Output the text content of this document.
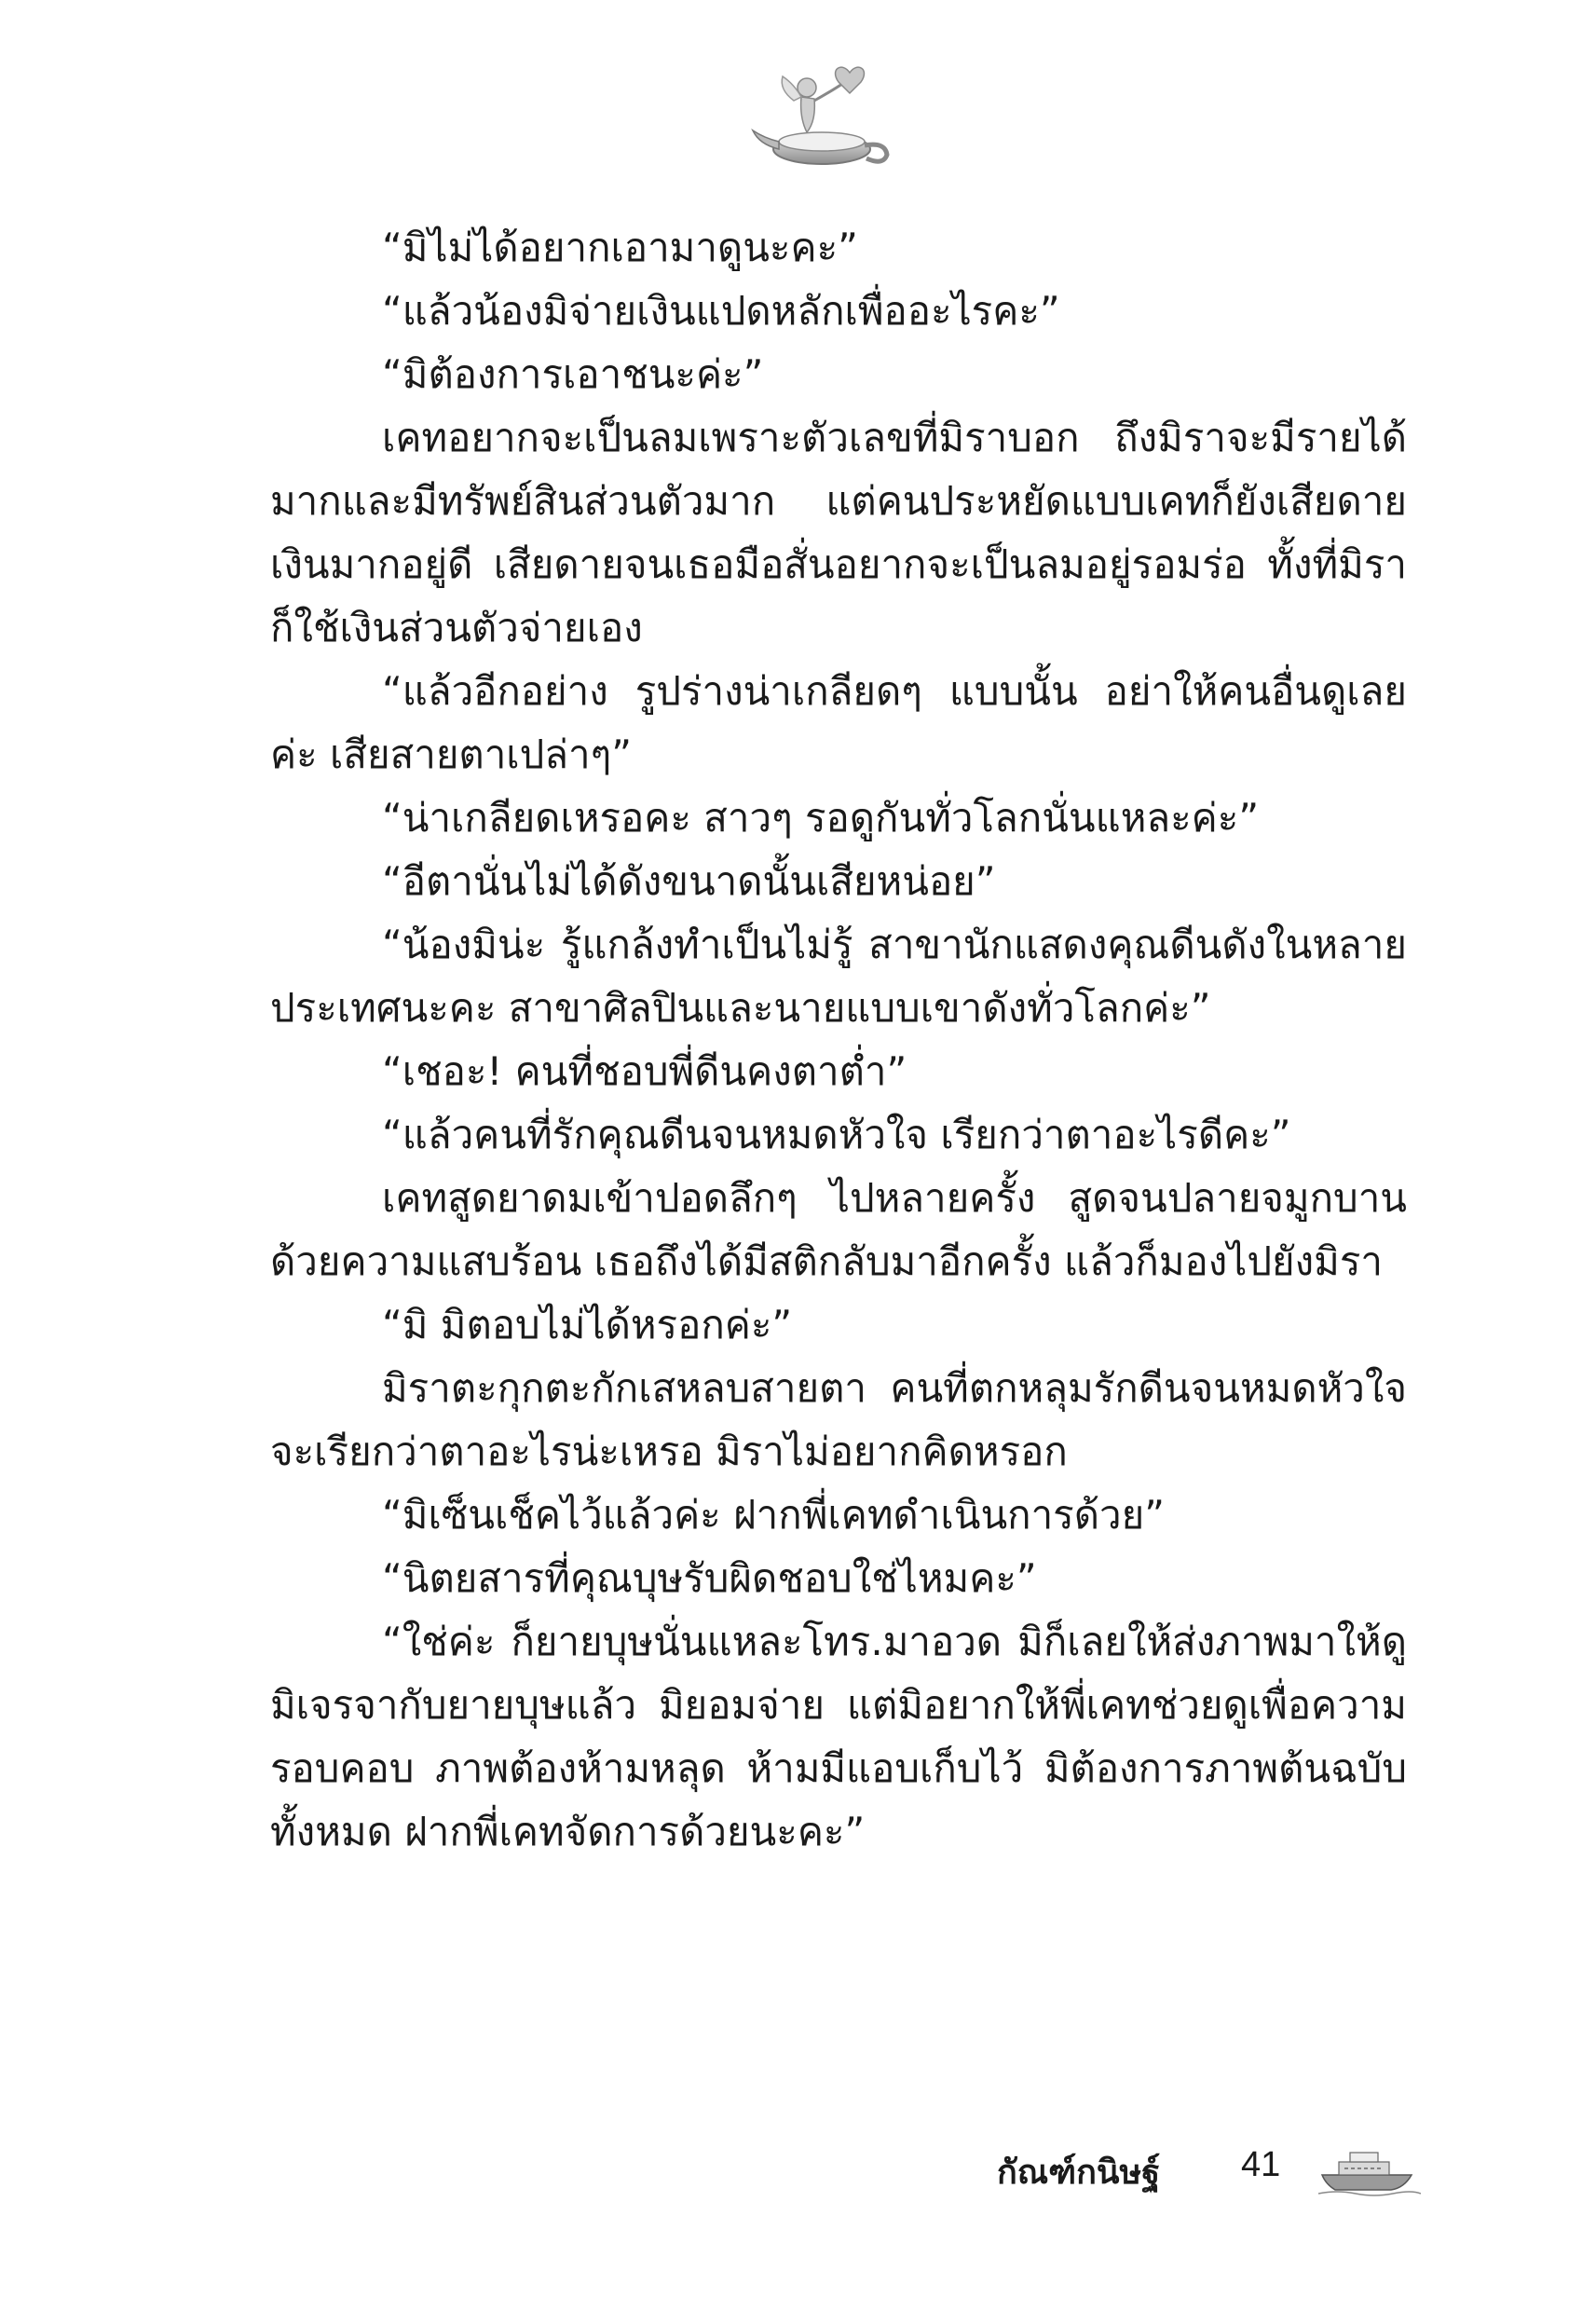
“มิไม่ได้อยากเอามาดูนะคะ”

“แล้วน้องมิจ่ายเงินแปดหลักเพื่ออะไรคะ”

“มิต้องการเอาชนะค่ะ”

เคทอยากจะเป็นลมเพราะตัวเลขที่มิราบอก ถึงมิราจะมีรายได้มากและมีทรัพย์สินส่วนตัวมาก แต่คนประหยัดแบบเคทก็ยังเสียดายเงินมากอยู่ดี เสียดายจนเธอมือสั่นอยากจะเป็นลมอยู่รอมร่อ ทั้งที่มิราก็ใช้เงินส่วนตัวจ่ายเอง

“แล้วอีกอย่าง รูปร่างน่าเกลียดๆ แบบนั้น อย่าให้คนอื่นดูเลยค่ะ เสียสายตาเปล่าๆ”

“น่าเกลียดเหรอคะ สาวๆ รอดูกันทั่วโลกนั่นแหละค่ะ”

“อีตานั่นไม่ได้ดังขนาดนั้นเสียหน่อย”

“น้องมิน่ะ รู้แกล้งทำเป็นไม่รู้ สาขานักแสดงคุณดีนดังในหลายประเทศนะคะ สาขาศิลปินและนายแบบเขาดังทั่วโลกค่ะ”

“เชอะ! คนที่ชอบพี่ดีนคงตาต่ำ”

“แล้วคนที่รักคุณดีนจนหมดหัวใจ เรียกว่าตาอะไรดีคะ”

เคทสูดยาดมเข้าปอดลึกๆ ไปหลายครั้ง สูดจนปลายจมูกบานด้วยความแสบร้อน เธอถึงได้มีสติกลับมาอีกครั้ง แล้วก็มองไปยังมิรา

“มิ มิตอบไม่ได้หรอกค่ะ”

มิราตะกุกตะกักเสหลบสายตา คนที่ตกหลุมรักดีนจนหมดหัวใจจะเรียกว่าตาอะไรน่ะเหรอ มิราไม่อยากคิดหรอก

“มิเซ็นเช็คไว้แล้วค่ะ ฝากพี่เคทดำเนินการด้วย”

“นิตยสารที่คุณบุษรับผิดชอบใช่ไหมคะ”

“ใช่ค่ะ ก็ยายบุษนั่นแหละโทร.มาอวด มิก็เลยให้ส่งภาพมาให้ดู มิเจรจากับยายบุษแล้ว มิยอมจ่าย แต่มิอยากให้พี่เคทช่วยดูเพื่อความรอบคอบ ภาพต้องห้ามหลุด ห้ามมีแอบเก็บไว้ มิต้องการภาพต้นฉบับทั้งหมด ฝากพี่เคทจัดการด้วยนะคะ”

กัณฑ์กนิษฐ์ 41
